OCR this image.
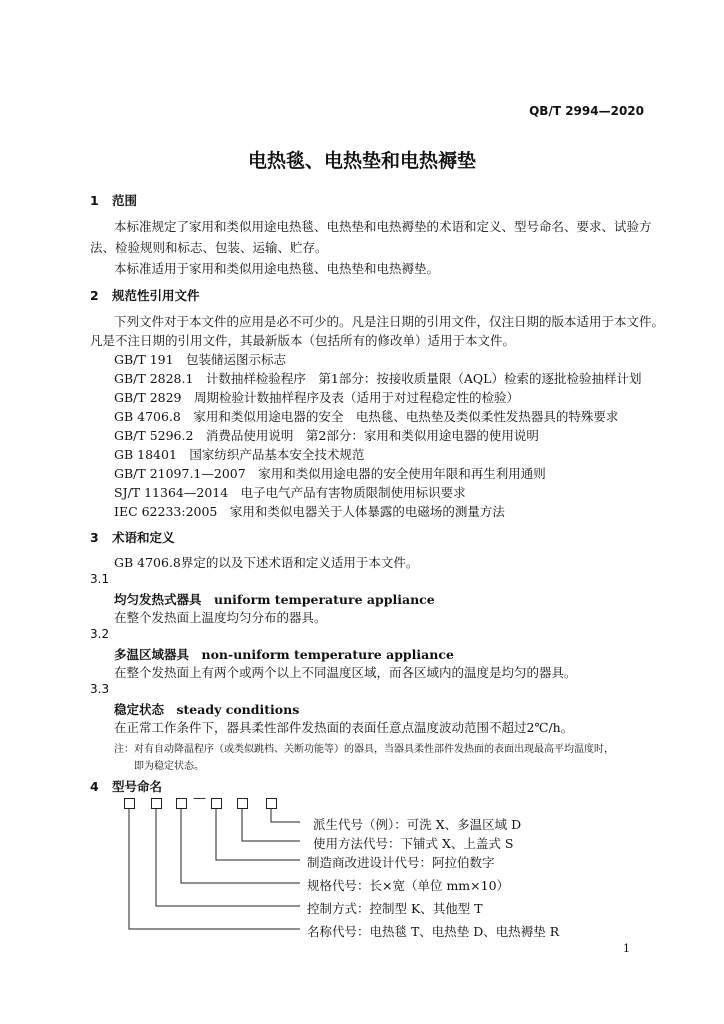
QB/T 2994—2020
电热毯、电热垫和电热褥垫
1 范围
本标准规定了家用和类似用途电热毯、电热垫和电热褥垫的术语和定义、型号命名、要求、试验方
法、检验规则和标志、包装、运输、贮存。
本标准适用于家用和类似用途电热毯、电热垫和电热褥垫。
2 规范性引用文件
下列文件对于本文件的应用是必不可少的。凡是注日期的引用文件，仅注日期的版本适用于本文件。
凡是不注日期的引用文件，其最新版本（包括所有的修改单）适用于本文件。
GB/T 191　包装储运图示标志
GB/T 2828.1　计数抽样检验程序　第1部分：按接收质量限（AQL）检索的逐批检验抽样计划
GB/T 2829　周期检验计数抽样程序及表（适用于对过程稳定性的检验）
GB 4706.8　家用和类似用途电器的安全　电热毯、电热垫及类似柔性发热器具的特殊要求
GB/T 5296.2　消费品使用说明　第2部分：家用和类似用途电器的使用说明
GB 18401　国家纺织产品基本安全技术规范
GB/T 21097.1—2007　家用和类似用途电器的安全使用年限和再生利用通则
SJ/T 11364—2014　电子电气产品有害物质限制使用标识要求
IEC 62233:2005　家用和类似电器关于人体暴露的电磁场的测量方法
3 术语和定义
GB 4706.8界定的以及下述术语和定义适用于本文件。
3.1
均匀发热式器具　uniform temperature appliance
在整个发热面上温度均匀分布的器具。
3.2
多温区域器具　non-uniform temperature appliance
在整个发热面上有两个或两个以上不同温度区域，而各区域内的温度是均匀的器具。
3.3
稳定状态　steady conditions
在正常工作条件下，器具柔性部件发热面的表面任意点温度波动范围不超过2℃/h。
注：对有自动降温程序（或类似跳档、关断功能等）的器具，当器具柔性部件发热面的表面出现最高平均温度时，
即为稳定状态。
4 型号命名
—
派生代号（例）：可洗 X、多温区域 D
使用方法代号：下铺式 X、上盖式 S
制造商改进设计代号：阿拉伯数字
规格代号：长×宽（单位 mm×10）
控制方式：控制型 K、其他型 T
名称代号：电热毯 T、电热垫 D、电热褥垫 R
1
